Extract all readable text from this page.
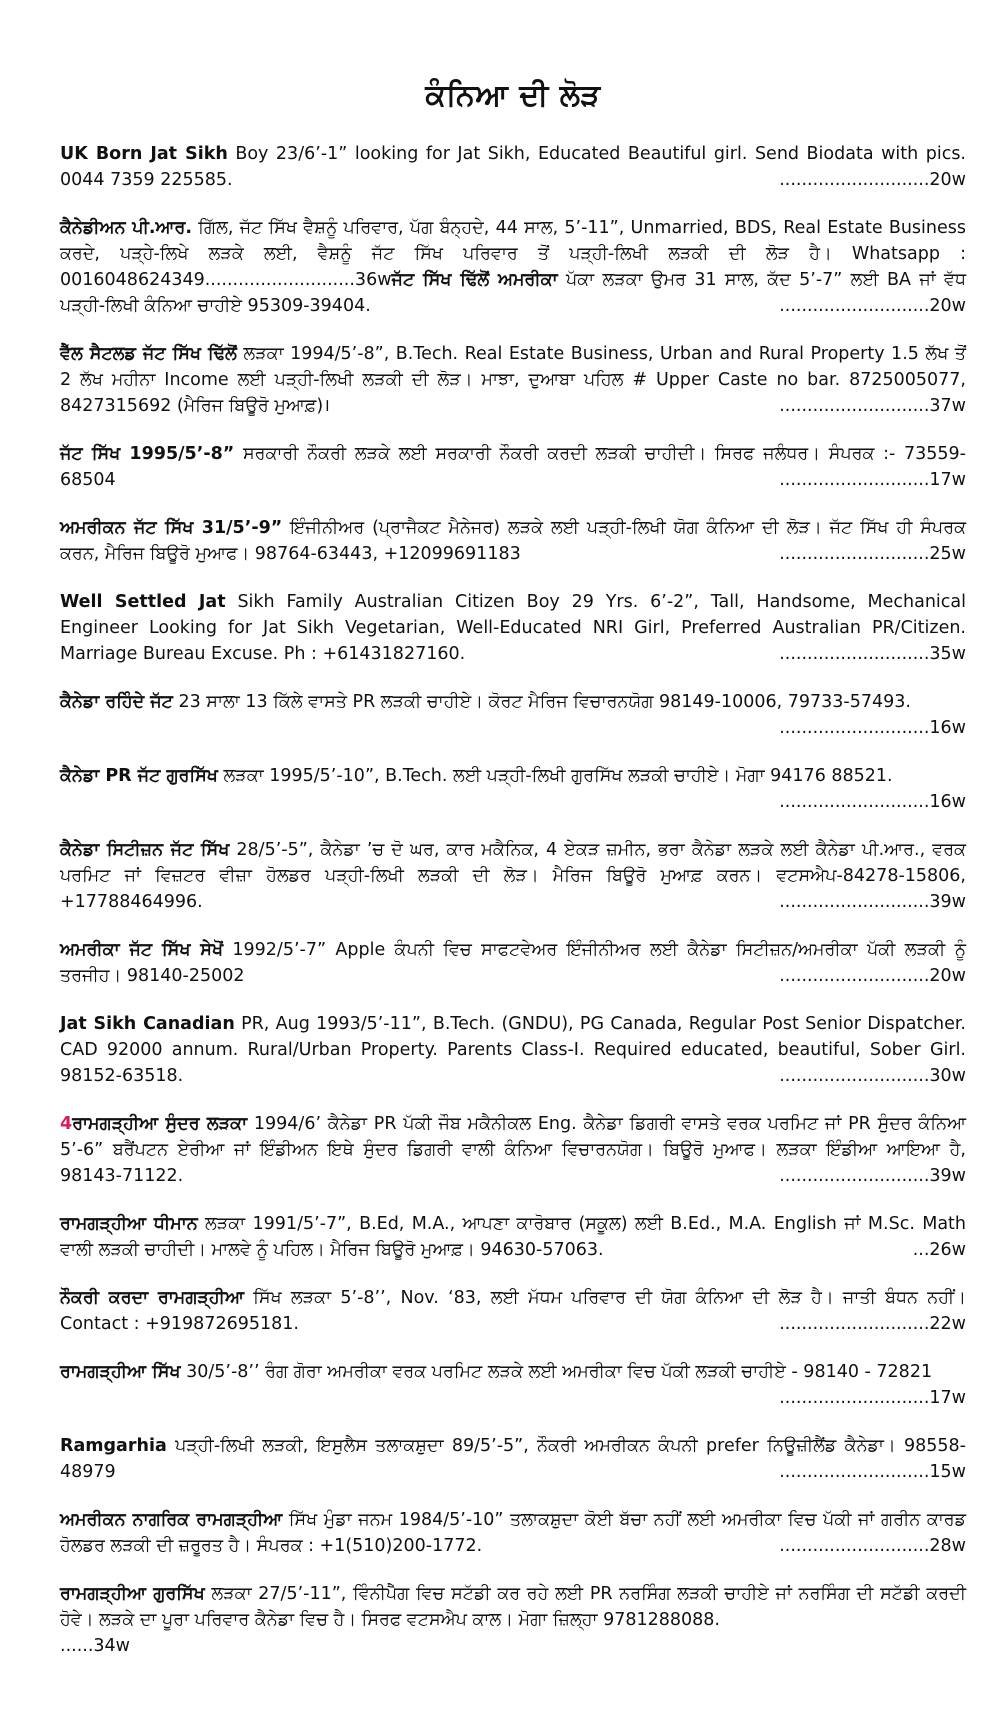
ਕੰਨਿਆ ਦੀ ਲੋੜ
UK Born Jat Sikh Boy 23/6’-1” looking for Jat Sikh, Educated Beautiful girl. Send Biodata with pics. 0044 7359 225585.	...........................20w
ਕੈਨੇਡੀਅਨ ਪੀ.ਆਰ. ਗਿੱਲ, ਜੱਟ ਸਿੱਖ ਵੈਸ਼ਨੂੰ ਪਰਿਵਾਰ, ਪੱਗ ਬੰਨ੍ਹਦੇ, 44 ਸਾਲ, 5’-11”, Unmarried, BDS, Real Estate Business ਕਰਦੇ, ਪੜ੍ਹੇ-ਲਿਖੇ ਲੜਕੇ ਲਈ, ਵੈਸ਼ਨੂੰ ਜੱਟ ਸਿੱਖ ਪਰਿਵਾਰ ਤੋਂ ਪੜ੍ਹੀ-ਲਿਖੀ ਲੜਕੀ ਦੀ ਲੋੜ ਹੈ। Whatsapp : 0016048624349...........................36wਜੱਟ ਸਿੱਖ ਢਿੱਲੋਂ ਅਮਰੀਕਾ ਪੱਕਾ ਲੜਕਾ ਉਮਰ 31 ਸਾਲ, ਕੱਦ 5’-7” ਲਈ BA ਜਾਂ ਵੱਧ ਪੜ੍ਹੀ-ਲਿਖੀ ਕੰਨਿਆ ਚਾਹੀਏ 95309-39404.	...........................20w
ਵੈੱਲ ਸੈਟਲਡ ਜੱਟ ਸਿੱਖ ਢਿੱਲੋਂ ਲੜਕਾ 1994/5’-8”, B.Tech. Real Estate Business, Urban and Rural Property 1.5 ਲੱਖ ਤੋਂ 2 ਲੱਖ ਮਹੀਨਾ Income ਲਈ ਪੜ੍ਹੀ-ਲਿਖੀ ਲੜਕੀ ਦੀ ਲੋੜ। ਮਾਝਾ, ਦੁਆਬਾ ਪਹਿਲ # Upper Caste no bar. 8725005077, 8427315692 (ਮੈਰਿਜ ਬਿਊਰੋ ਮੁਆਫ਼)।	...........................37w
ਜੱਟ ਸਿੱਖ 1995/5’-8” ਸਰਕਾਰੀ ਨੌਕਰੀ ਲੜਕੇ ਲਈ ਸਰਕਾਰੀ ਨੌਕਰੀ ਕਰਦੀ ਲੜਕੀ ਚਾਹੀਦੀ। ਸਿਰਫ ਜਲੰਧਰ। ਸੰਪਰਕ :- 73559-68504	...........................17w
ਅਮਰੀਕਨ ਜੱਟ ਸਿੱਖ 31/5’-9” ਇੰਜੀਨੀਅਰ (ਪ੍ਰਾਜੈਕਟ ਮੈਨੇਜਰ) ਲੜਕੇ ਲਈ ਪੜ੍ਹੀ-ਲਿਖੀ ਯੋਗ ਕੰਨਿਆ ਦੀ ਲੋੜ। ਜੱਟ ਸਿੱਖ ਹੀ ਸੰਪਰਕ ਕਰਨ, ਮੈਰਿਜ ਬਿਊਰੋ ਮੁਆਫ। 98764-63443, +12099691183	...........................25w
Well Settled Jat Sikh Family Australian Citizen Boy 29 Yrs. 6’-2”, Tall, Handsome, Mechanical Engineer Looking for Jat Sikh Vegetarian, Well-Educated NRI Girl, Preferred Australian PR/Citizen. Marriage Bureau Excuse. Ph : +61431827160.	...........................35w
ਕੈਨੇਡਾ ਰਹਿੰਦੇ ਜੱਟ 23 ਸਾਲਾ 13 ਕਿੱਲੇ ਵਾਸਤੇ PR ਲੜਕੀ ਚਾਹੀਏ। ਕੋਰਟ ਮੈਰਿਜ ਵਿਚਾਰਨਯੋਗ 98149-10006, 79733-57493.
...........................16w
ਕੈਨੇਡਾ PR ਜੱਟ ਗੁਰਸਿੱਖ ਲੜਕਾ 1995/5’-10”, B.Tech. ਲਈ ਪੜ੍ਹੀ-ਲਿਖੀ ਗੁਰਸਿੱਖ ਲੜਕੀ ਚਾਹੀਏ। ਮੋਗਾ 94176 88521.
...........................16w
ਕੈਨੇਡਾ ਸਿਟੀਜ਼ਨ ਜੱਟ ਸਿੱਖ 28/5’-5”, ਕੈਨੇਡਾ ’ਚ ਦੋ ਘਰ, ਕਾਰ ਮਕੈਨਿਕ, 4 ਏਕੜ ਜ਼ਮੀਨ, ਭਰਾ ਕੈਨੇਡਾ ਲੜਕੇ ਲਈ ਕੈਨੇਡਾ ਪੀ.ਆਰ., ਵਰਕ ਪਰਮਿਟ ਜਾਂ ਵਿਜ਼ਟਰ ਵੀਜ਼ਾ ਹੋਲਡਰ ਪੜ੍ਹੀ-ਲਿਖੀ ਲੜਕੀ ਦੀ ਲੋੜ। ਮੈਰਿਜ ਬਿਊਰੋ ਮੁਆਫ਼ ਕਰਨ। ਵਟਸਐਪ-84278-15806, +17788464996.	...........................39w
ਅਮਰੀਕਾ ਜੱਟ ਸਿੱਖ ਸੇਖੋਂ 1992/5’-7” Apple ਕੰਪਨੀ ਵਿਚ ਸਾਫਟਵੇਅਰ ਇੰਜੀਨੀਅਰ ਲਈ ਕੈਨੇਡਾ ਸਿਟੀਜ਼ਨ/ਅਮਰੀਕਾ ਪੱਕੀ ਲੜਕੀ ਨੂੰ ਤਰਜੀਹ। 98140-25002	...........................20w
Jat Sikh Canadian PR, Aug 1993/5’-11”, B.Tech. (GNDU), PG Canada, Regular Post Senior Dispatcher. CAD 92000 annum. Rural/Urban Property. Parents Class-I. Required educated, beautiful, Sober Girl. 98152-63518.	...........................30w
4ਰਾਮਗੜ੍ਹੀਆ ਸੁੰਦਰ ਲੜਕਾ 1994/6’ ਕੈਨੇਡਾ PR ਪੱਕੀ ਜੌਬ ਮਕੈਨੀਕਲ Eng. ਕੈਨੇਡਾ ਡਿਗਰੀ ਵਾਸਤੇ ਵਰਕ ਪਰਮਿਟ ਜਾਂ PR ਸੁੰਦਰ ਕੰਨਿਆ 5’-6” ਬਰੈਂਪਟਨ ਏਰੀਆ ਜਾਂ ਇੰਡੀਅਨ ਇਥੇ ਸੁੰਦਰ ਡਿਗਰੀ ਵਾਲੀ ਕੰਨਿਆ ਵਿਚਾਰਨਯੋਗ। ਬਿਊਰੋ ਮੁਆਫ। ਲੜਕਾ ਇੰਡੀਆ ਆਇਆ ਹੈ, 98143-71122.	...........................39w
ਰਾਮਗੜ੍ਹੀਆ ਧੀਮਾਨ ਲੜਕਾ 1991/5’-7”, B.Ed, M.A., ਆਪਣਾ ਕਾਰੋਬਾਰ (ਸਕੂਲ) ਲਈ B.Ed., M.A. English ਜਾਂ M.Sc. Math ਵਾਲੀ ਲੜਕੀ ਚਾਹੀਦੀ। ਮਾਲਵੇ ਨੂੰ ਪਹਿਲ। ਮੈਰਿਜ ਬਿਊਰੋ ਮੁਆਫ਼। 94630-57063.	...26w
ਨੌਕਰੀ ਕਰਦਾ ਰਾਮਗੜ੍ਹੀਆ ਸਿੱਖ ਲੜਕਾ 5’-8’’, Nov. ‘83, ਲਈ ਮੱਧਮ ਪਰਿਵਾਰ ਦੀ ਯੋਗ ਕੰਨਿਆ ਦੀ ਲੋੜ ਹੈ। ਜਾਤੀ ਬੰਧਨ ਨਹੀਂ। Contact : +919872695181.	...........................22w
ਰਾਮਗੜ੍ਹੀਆ ਸਿੱਖ 30/5’-8’’ ਰੰਗ ਗੋਰਾ ਅਮਰੀਕਾ ਵਰਕ ਪਰਮਿਟ ਲੜਕੇ ਲਈ ਅਮਰੀਕਾ ਵਿਚ ਪੱਕੀ ਲੜਕੀ ਚਾਹੀਏ - 98140 - 72821
...........................17w
Ramgarhia ਪੜ੍ਹੀ-ਲਿਖੀ ਲੜਕੀ, ਇਸੁਲੈਸ ਤਲਾਕਸ਼ੁਦਾ 89/5’-5”, ਨੌਕਰੀ ਅਮਰੀਕਨ ਕੰਪਨੀ prefer ਨਿਊਜ਼ੀਲੈਂਡ ਕੈਨੇਡਾ। 98558-48979	...........................15w
ਅਮਰੀਕਨ ਨਾਗਰਿਕ ਰਾਮਗੜ੍ਹੀਆ ਸਿੱਖ ਮੁੰਡਾ ਜਨਮ 1984/5’-10” ਤਲਾਕਸ਼ੁਦਾ ਕੋਈ ਬੱਚਾ ਨਹੀਂ ਲਈ ਅਮਰੀਕਾ ਵਿਚ ਪੱਕੀ ਜਾਂ ਗਰੀਨ ਕਾਰਡ ਹੋਲਡਰ ਲੜਕੀ ਦੀ ਜ਼ਰੂਰਤ ਹੈ। ਸੰਪਰਕ : +1(510)200-1772.	...........................28w
ਰਾਮਗੜ੍ਹੀਆ ਗੁਰਸਿੱਖ ਲੜਕਾ 27/5’-11”, ਵਿੰਨੀਪੈੱਗ ਵਿਚ ਸਟੱਡੀ ਕਰ ਰਹੇ ਲਈ PR ਨਰਸਿੰਗ ਲੜਕੀ ਚਾਹੀਏ ਜਾਂ ਨਰਸਿੰਗ ਦੀ ਸਟੱਡੀ ਕਰਦੀ ਹੋਵੇ। ਲੜਕੇ ਦਾ ਪੂਰਾ ਪਰਿਵਾਰ ਕੈਨੇਡਾ ਵਿਚ ਹੈ। ਸਿਰਫ ਵਟਸਐਪ ਕਾਲ। ਮੋਗਾ ਜ਼ਿਲ੍ਹਾ 9781288088.
......34w
